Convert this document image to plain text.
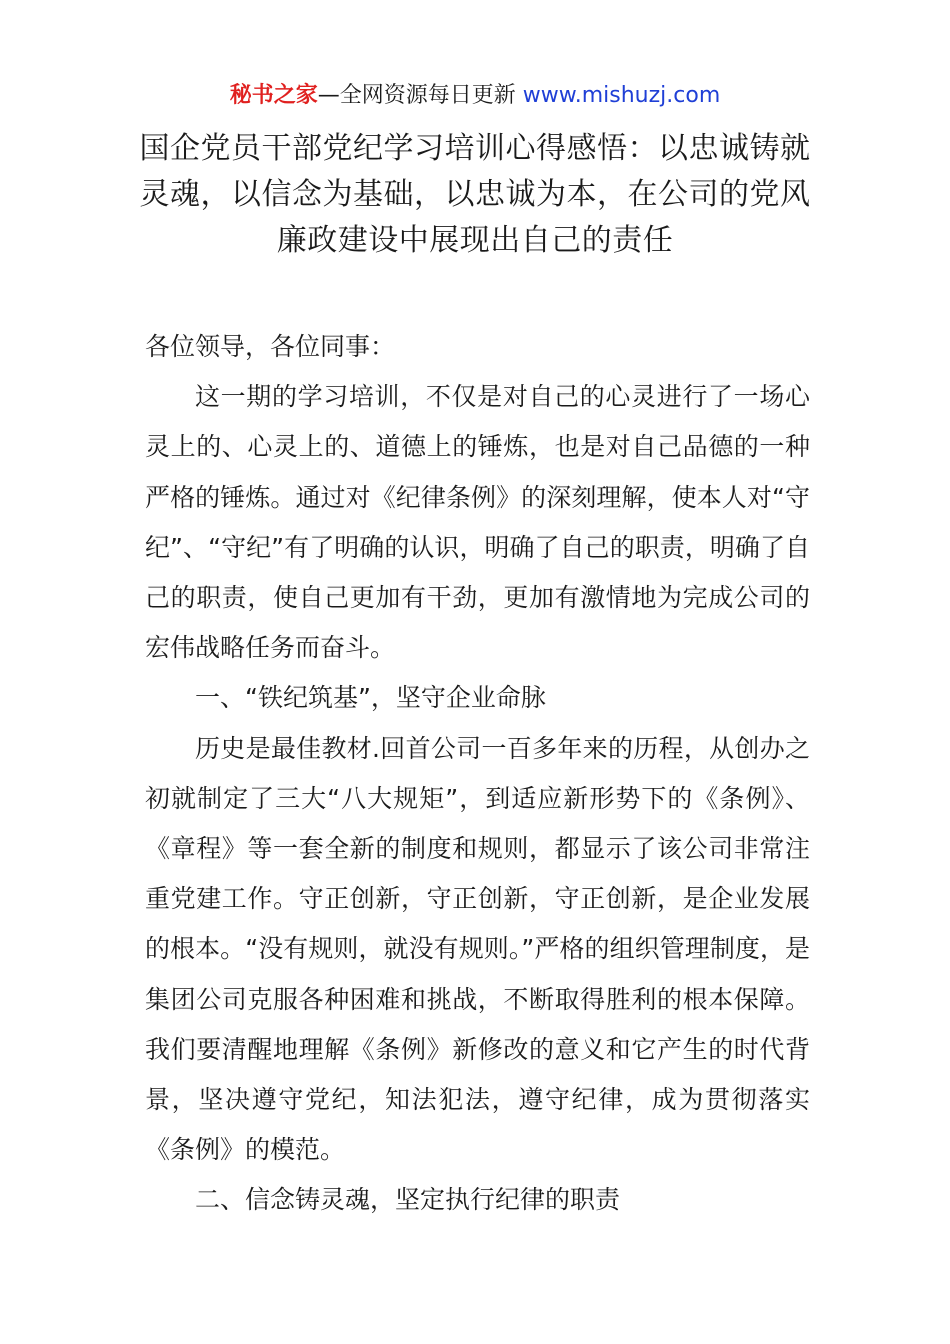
秘书之家—全网资源每日更新 www.mishuzj.com
国企党员干部党纪学习培训心得感悟：以忠诚铸就灵魂，以信念为基础，以忠诚为本，在公司的党风廉政建设中展现出自己的责任

各位领导，各位同事：

这一期的学习培训，不仅是对自己的心灵进行了一场心灵上的、心灵上的、道德上的锤炼，也是对自己品德的一种严格的锤炼。通过对《纪律条例》的深刻理解，使本人对“守纪”、“守纪”有了明确的认识，明确了自己的职责，明确了自己的职责，使自己更加有干劲，更加有激情地为完成公司的宏伟战略任务而奋斗。

一、“铁纪筑基”，坚守企业命脉

历史是最佳教材.回首公司一百多年来的历程，从创办之初就制定了三大“八大规矩”，到适应新形势下的《条例》、《章程》等一套全新的制度和规则，都显示了该公司非常注重党建工作。守正创新，守正创新，守正创新，是企业发展的根本。“没有规则，就没有规则。”严格的组织管理制度，是集团公司克服各种困难和挑战，不断取得胜利的根本保障。我们要清醒地理解《条例》新修改的意义和它产生的时代背景，坚决遵守党纪，知法犯法，遵守纪律，成为贯彻落实《条例》的模范。

二、信念铸灵魂，坚定执行纪律的职责
